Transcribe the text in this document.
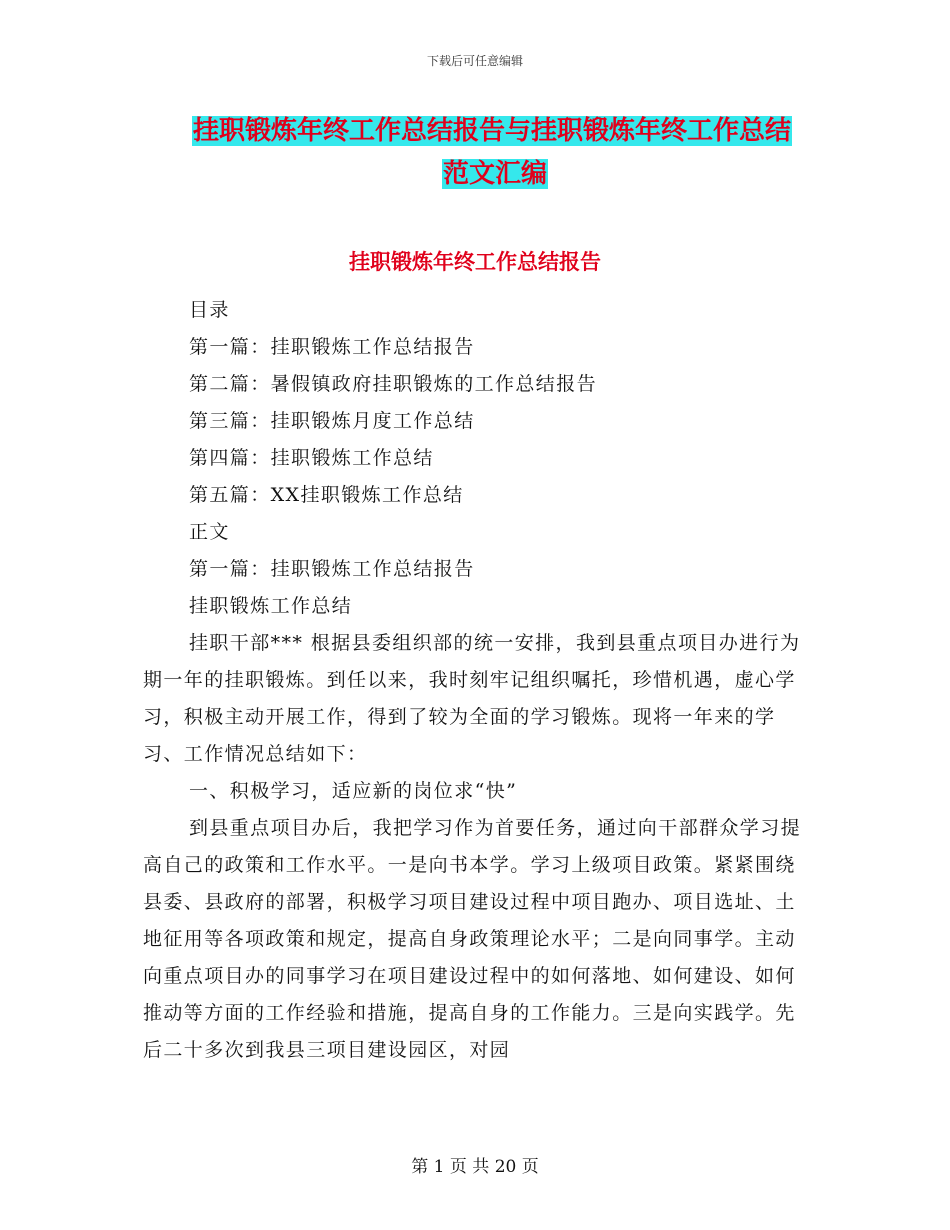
下载后可任意编辑
挂职锻炼年终工作总结报告与挂职锻炼年终工作总结
范文汇编
挂职锻炼年终工作总结报告

目录

第一篇：挂职锻炼工作总结报告

第二篇：暑假镇政府挂职锻炼的工作总结报告

第三篇：挂职锻炼月度工作总结

第四篇：挂职锻炼工作总结

第五篇：XX挂职锻炼工作总结

正文

第一篇：挂职锻炼工作总结报告

挂职锻炼工作总结

挂职干部*** 根据县委组织部的统一安排，我到县重点项目办进行为期一年的挂职锻炼。到任以来，我时刻牢记组织嘱托，珍惜机遇，虚心学习，积极主动开展工作，得到了较为全面的学习锻炼。现将一年来的学习、工作情况总结如下：

一、积极学习，适应新的岗位求“快”

到县重点项目办后，我把学习作为首要任务，通过向干部群众学习提高自己的政策和工作水平。一是向书本学。学习上级项目政策。紧紧围绕县委、县政府的部署，积极学习项目建设过程中项目跑办、项目选址、土地征用等各项政策和规定，提高自身政策理论水平；二是向同事学。主动向重点项目办的同事学习在项目建设过程中的如何落地、如何建设、如何推动等方面的工作经验和措施，提高自身的工作能力。三是向实践学。先后二十多次到我县三项目建设园区，对园

第 1 页 共 20 页
